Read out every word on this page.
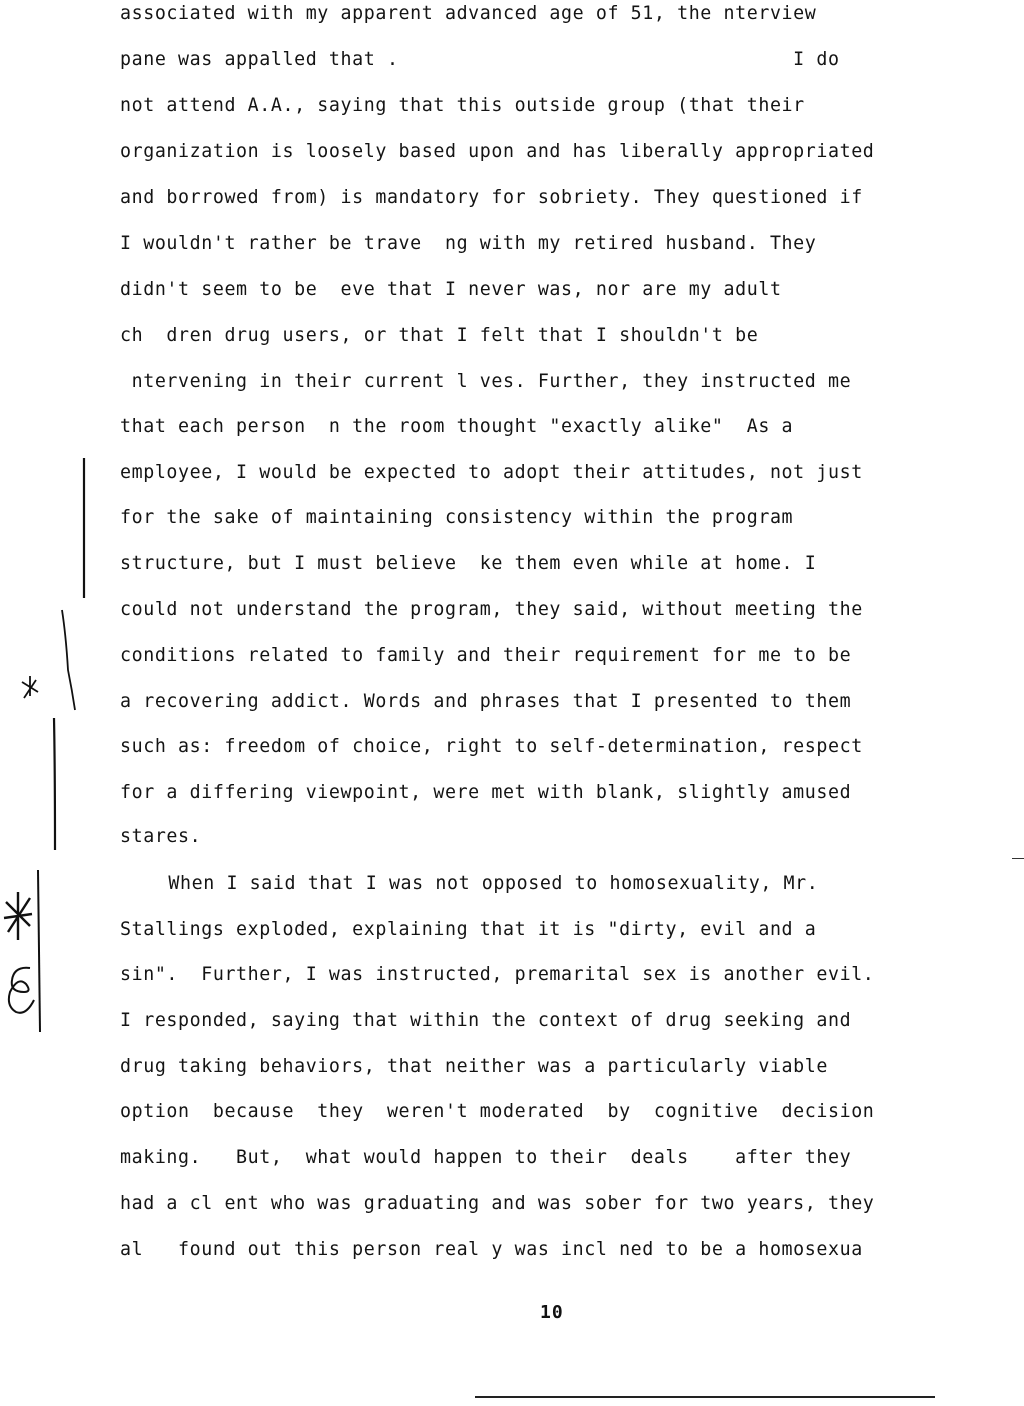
associated with my apparent advanced age of 51, the nterview
pane was appalled that .                                  I do
not attend A.A., saying that this outside group (that their
organization is loosely based upon and has liberally appropriated
and borrowed from) is mandatory for sobriety. They questioned if
I wouldn't rather be trave  ng with my retired husband. They
didn't seem to be  eve that I never was, nor are my adult
ch  dren drug users, or that I felt that I shouldn't be
ntervening in their current l ves. Further, they instructed me
that each person  n the room thought "exactly alike"  As a
employee, I would be expected to adopt their attitudes, not just
for the sake of maintaining consistency within the program
structure, but I must believe  ke them even while at home. I
could not understand the program, they said, without meeting the
conditions related to family and their requirement for me to be
a recovering addict. Words and phrases that I presented to them
such as: freedom of choice, right to self-determination, respect
for a differing viewpoint, were met with blank, slightly amused
stares.
When I said that I was not opposed to homosexuality, Mr.
Stallings exploded, explaining that it is "dirty, evil and a
sin".  Further, I was instructed, premarital sex is another evil.
I responded, saying that within the context of drug seeking and
drug taking behaviors, that neither was a particularly viable
option  because  they  weren't moderated  by  cognitive  decision
making.   But,  what would happen to their  deals    after they
had a cl ent who was graduating and was sober for two years, they
al   found out this person real y was incl ned to be a homosexua
10
